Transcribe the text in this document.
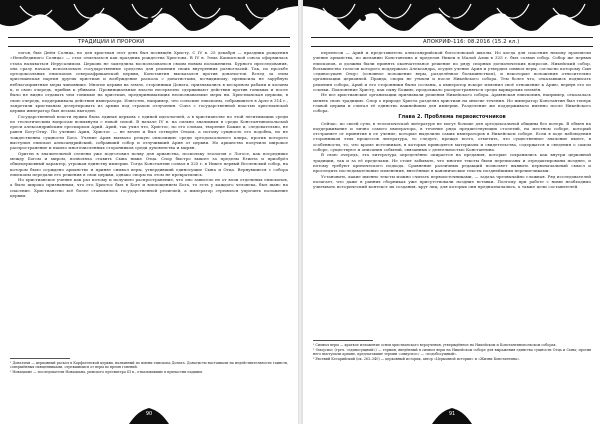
ТРАДИЦИИ И ПРОРОКИ

логов, был Днём Солнца, но для христиан этот день был посвящён Христу. С IV в. 25 декабря — праздник рождения «Непобедимого Солнца» — стал отмечаться как праздник рождества Христова. В IV в. Ээма Каппатской союза оформилась стала называться Иерусалимом. Церковь не замедлила воспользоваться своим новым положением. Бурного преследования, она сразу начала использовать государственные средства для решения своих внутренних разногласий. Так, по просьбе ортодоксальных епископов североафриканской церкви, Константин высказался против донатистов. Вслед за этим христианская партия других христиан и возбуждение раскола с донатистами, по-видимому, превысила не зарубную неблагоприятные меры чиновнике. Многие церкви на земле, сторонники Доната, признавались в кесаревом рабами и коланм к, и свою очередь, прибыв к убиваем. Провинциальные власти несерьезно сдерживают действия против гонимых и после было не видно отдавать чем гонимые на христиан, предпринимающих неопознаваемые меры ни. Христианская церковь, в свою очередь, поддерживала действия императора. Известно, например, что сольские епископы, собравшиеся в Арле в 314 г., запретили христианам дезертировать из армии под страхом отлучения. Союз с государственной властью христианской церкви император был весьма выгоден.

Государственной власти нужна была единая церковь с единой идеологией, а в христианстве по этой легитимации среди по теологическим вопросам вспыхнули с новой силой. В начале IV в. на сильно значимым в среди Константинопольской ереси александрийским ересиархом Арий. Арий, так учил что, Христос, по его словам, творение Божие и, следовательно, не равен Богу-Отцу. По учению Ария, Христос — не вечен и был сотворён Отцом, а потому сущность его подобна, но не тождественна сущности Бога. Учение Ария вызвало резкую оппозицию среди ортодоксального клира, против которого выступил епископ александрийский, собравший собор и отлучивший Ария от церкви. Но арианство получило широкое распространение и нашло многочисленных сторонников среди духовенства и мирян.

Ориген в значительной степени уже подготовил почву для арианства, поскольку теология о Логосе, как посреднике между Богом и миром, позволяла ставить Сына ниже Отца. Спор быстро вышел за пределы Египта и приобрёл общецерковный характер, угрожая единству империи. Тогда Константин созвал в 325 г. в Никее первый Вселенский собор, на котором было осуждено арианство и принят символ веры, утвердивший единосущие Сына и Отца. Вернувшиеся с собора епископы передали его решения в свои церкви, однако споры на этом не прекратились.

Но христианское учение как раз потому и получило распространение, что оно зависело не от воли отдельных епископов, а было широко признанным, что его Христос был в Боге и воплощением Бога, то есть у каждого человека, был шанс на спасение. Христианство всё более становилось государственной религией, а император стремился упрочить положение церкви.

¹ Донатизм — церковный раскол в Карфагенской церкви, названный по имени епископа Доната. Донатисты настаивали на недействительности таинств, совершённых священниками, отрекшимися от веры во время гонений.

² Новациане — последователи Новациана, римского пресвитера III в., отказывавшие в причастии падшим.

90
АПОКРИФ-116: 08.2016 (15.2 кл.)

перенесов — Арий и представитель александрийской богословской школы. Но когда для спасения некому произвели учение арианства, по желанию Константина и пределов Никеи в Малой Азии в 325 г. был созван собор. Собор же первых епископов, и должны были принять окончательное решение по ряду спорных догматических вопросов. Никейский собор, большинство голосов которого поддержало Александра, осудил учение Ария и утвердил символ веры, согласно которому Сын «единосущен Отцу» (основное положение веры, разделённое большинством), и некоторые положения относительно организации церковной. Правда, споры не утихли и после Никейского собора. Тем более что, отказавшись подписать решения собора, Арий и его сторонники были сосланы, а император вскоре изменил своё отношение к Арию, вернув его из ссылки. Поклонение Христу, как сыну Божию, продолжало распространяться среди варварских племён.

Не все христианские организации признавали решения Никейского собора. Армянская епископия, например, отказалась менять свою традицию. Спор о природе Христа разделял христиан на многие течения. Но император Константин был теперь главой церкви и считал её единство важнейшим для империи. Разделение же поддерживало именно после Никейского собора.

Глава 2. Проблема первоисточников

Сейчас, по своей сути, в теологической литературе не могут больше для ортодоксальной общины без потерь. В обмен на поддерживание и лично самого императора, в течение ряда предшествующих столетий, на местном соборе, который отстраняет от принятия в ее учение, которые выделили самих императоров в Никейском соборе. Если в ходе наблюдения сторонников этих процессов литература, то следует, прежде всего, отметить, что существенное значение имеет, в особенности, то, что кроме источников, в которых приводятся материалы и свидетельства, содержатся и сведения о самом соборе, существуют и описания событий, связанных с деятельностью Константина.

В свою очередь, эта литература определённо опирается на предания, которые сохранились как внутри церковной традиции, так и за её пределами. Не стоит забывать, что многие тексты были переписаны и отредактированы позднее, и потому требуют критического подхода. Сравнение различных редакций позволяет выявить первоначальный смысл и проследить последовательные изменения, внесённые в канонические тексты позднейшими переписчиками.

Установить, какие именно тексты можно считать первоисточниками, — задача чрезвычайно сложная. Ряд исследователей полагает, что даже в ранних сборниках уже присутствовали поздние вставки. Поэтому при работе с ними необходимо учитывать исторический контекст их создания, круг лиц, для которых они предназначались, а также цели составителей.

¹ Символ веры — краткое изложение основ христианского вероучения, утверждённое на Никейском и Константинопольском соборах.

² Омоусиос (греч. «единосущный») — термин, введённый в символ веры на Никейском соборе для выражения единства сущности Отца и Сына; против него выступали ариане, предлагавшие термин «омиусиос» — «подобосущный».

³ Евсевий Кесарийский (ок. 263–340) — церковный историк, автор «Церковной истории» и «Жизни Константина».

91
